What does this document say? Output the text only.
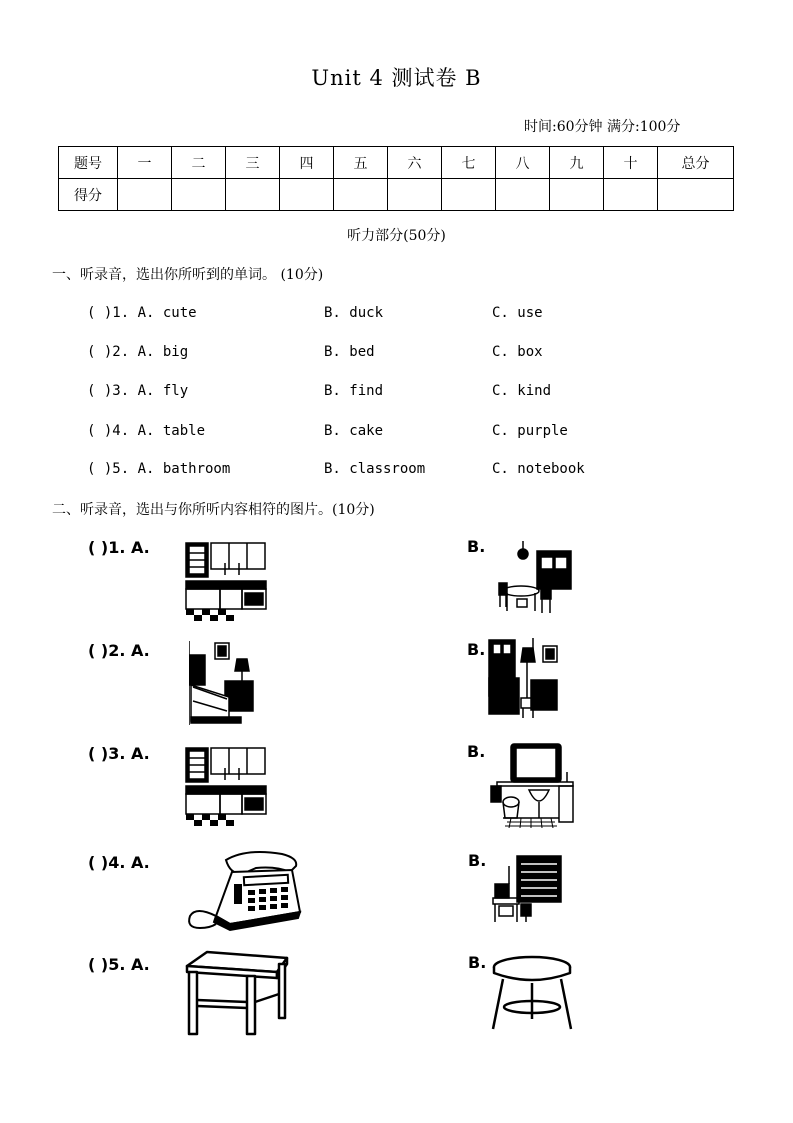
Unit 4 测试卷 B
时间:60分钟 满分:100分
题号	一	二	三	四	五	六	七	八	九	十	总分
得分											
听力部分(50分)
一、听录音，选出你所听到的单词。 (10分)
( )1. A. cute	B. duck	C. use
( )2. A. big	B. bed	C. box
( )3. A. fly	B. find	C. kind
( )4. A. table	B. cake	C. purple
( )5. A. bathroom	B. classroom	C. notebook
二、听录音，选出与你所听内容相符的图片。(10分)
( )1. A.	B.
( )2. A.	B.
( )3. A.	B.
( )4. A.	B.
( )5. A.	B.
